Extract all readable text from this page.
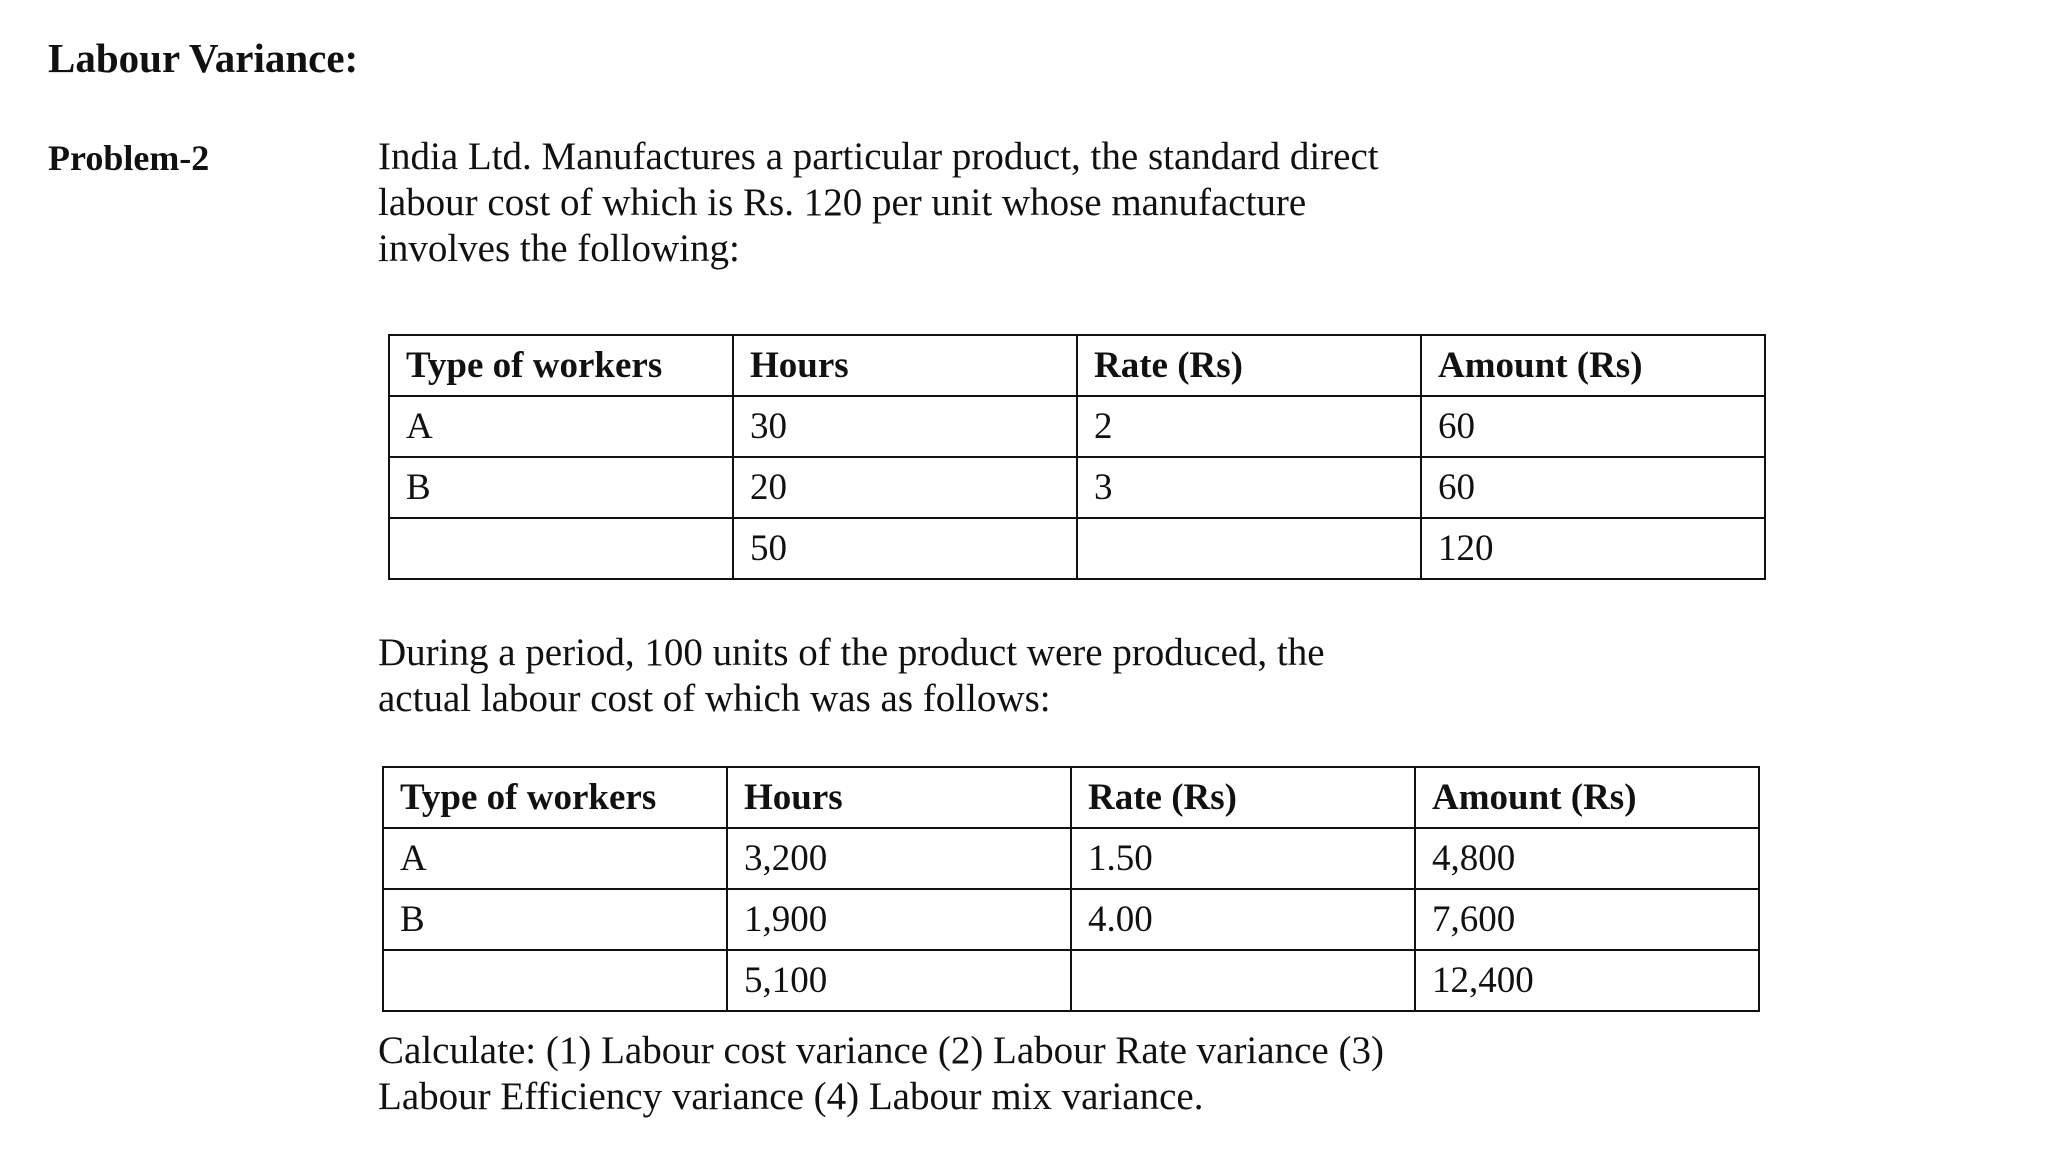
Labour Variance:
Problem-2	India Ltd. Manufactures a particular product, the standard direct
labour cost of which is Rs. 120 per unit whose manufacture
involves the following:

Type of workers	Hours	Rate (Rs)	Amount (Rs)
A	30	2	60
B	20	3	60
	50		120

During a period, 100 units of the product were produced, the
actual labour cost of which was as follows:

Type of workers	Hours	Rate (Rs)	Amount (Rs)
A	3,200	1.50	4,800
B	1,900	4.00	7,600
	5,100		12,400

Calculate: (1) Labour cost variance (2) Labour Rate variance (3)
Labour Efficiency variance (4) Labour mix variance.
